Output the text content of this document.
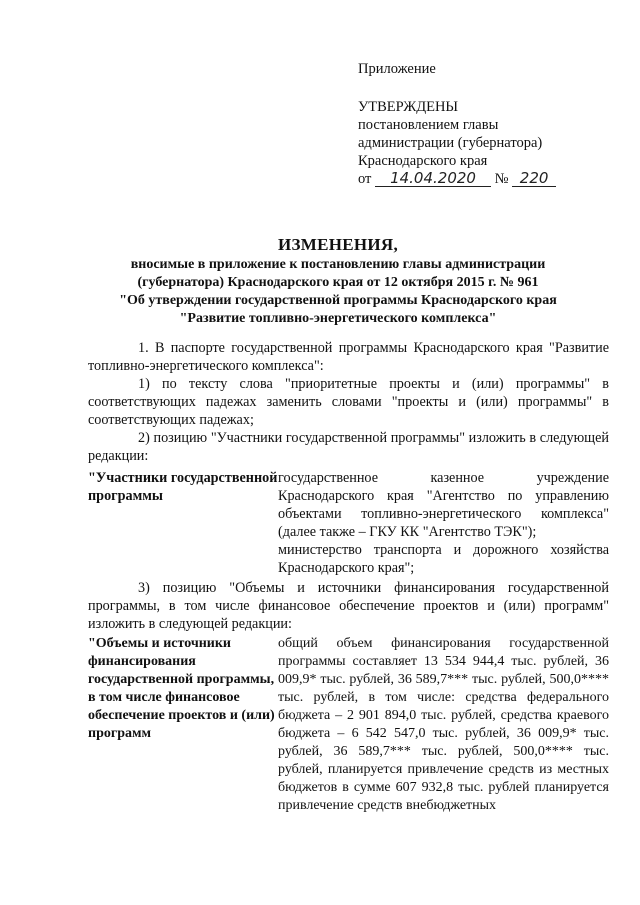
Приложение
УТВЕРЖДЕНЫ
постановлением главы
администрации (губернатора)
Краснодарского края
от 14.04.2020 № 220
ИЗМЕНЕНИЯ,
вносимые в приложение к постановлению главы администрации
(губернатора) Краснодарского края от 12 октября 2015 г. № 961
"Об утверждении государственной программы Краснодарского края
"Развитие топливно-энергетического комплекса"
1. В паспорте государственной программы Краснодарского края "Развитие топливно-энергетического комплекса":
1) по тексту слова "приоритетные проекты и (или) программы" в соответствующих падежах заменить словами "проекты и (или) программы" в соответствующих падежах;
2) позицию "Участники государственной программы" изложить в следующей редакции:
"Участники государственной программы
государственное казенное учреждение Краснодарского края "Агентство по управлению объектами топливно-энергетического комплекса" (далее также – ГКУ КК "Агентство ТЭК");
министерство транспорта и дорожного хозяйства Краснодарского края";
3) позицию "Объемы и источники финансирования государственной программы, в том числе финансовое обеспечение проектов и (или) программ" изложить в следующей редакции:
"Объемы и источники финансирования государственной программы, в том числе финансовое обеспечение проектов и (или) программ
общий объем финансирования государственной программы составляет 13 534 944,4 тыс. рублей, 36 009,9* тыс. рублей, 36 589,7*** тыс. рублей, 500,0**** тыс. рублей, в том числе: средства федерального бюджета – 2 901 894,0 тыс. рублей, средства краевого бюджета – 6 542 547,0 тыс. рублей, 36 009,9* тыс. рублей, 36 589,7*** тыс. рублей, 500,0**** тыс. рублей, планируется привлечение средств из местных бюджетов в сумме 607 932,8 тыс. рублей планируется привлечение средств внебюджетных
